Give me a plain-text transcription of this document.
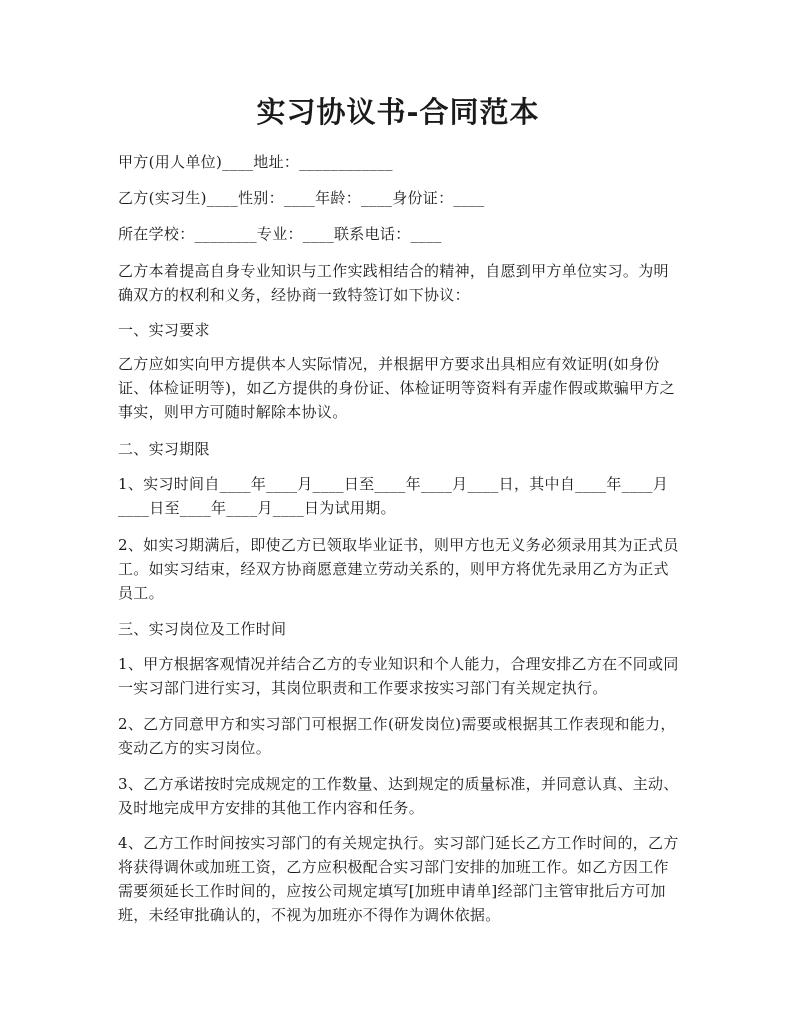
实习协议书-合同范本

甲方(用人单位)____地址：____________

乙方(实习生)____性别：____年龄：____身份证：____

所在学校：________专业：____联系电话：____

乙方本着提高自身专业知识与工作实践相结合的精神，自愿到甲方单位实习。为明确双方的权利和义务，经协商一致特签订如下协议：

一、实习要求

乙方应如实向甲方提供本人实际情况，并根据甲方要求出具相应有效证明(如身份证、体检证明等)，如乙方提供的身份证、体检证明等资料有弄虚作假或欺骗甲方之事实，则甲方可随时解除本协议。

二、实习期限

1、实习时间自____年____月____日至____年____月____日，其中自____年____月____日至____年____月____日为试用期。

2、如实习期满后，即使乙方已领取毕业证书，则甲方也无义务必须录用其为正式员工。如实习结束，经双方协商愿意建立劳动关系的，则甲方将优先录用乙方为正式员工。

三、实习岗位及工作时间

1、甲方根据客观情况并结合乙方的专业知识和个人能力，合理安排乙方在不同或同一实习部门进行实习，其岗位职责和工作要求按实习部门有关规定执行。

2、乙方同意甲方和实习部门可根据工作(研发岗位)需要或根据其工作表现和能力，变动乙方的实习岗位。

3、乙方承诺按时完成规定的工作数量、达到规定的质量标准，并同意认真、主动、及时地完成甲方安排的其他工作内容和任务。

4、乙方工作时间按实习部门的有关规定执行。实习部门延长乙方工作时间的，乙方将获得调休或加班工资，乙方应积极配合实习部门安排的加班工作。如乙方因工作需要须延长工作时间的，应按公司规定填写[加班申请单]经部门主管审批后方可加班，未经审批确认的，不视为加班亦不得作为调休依据。
